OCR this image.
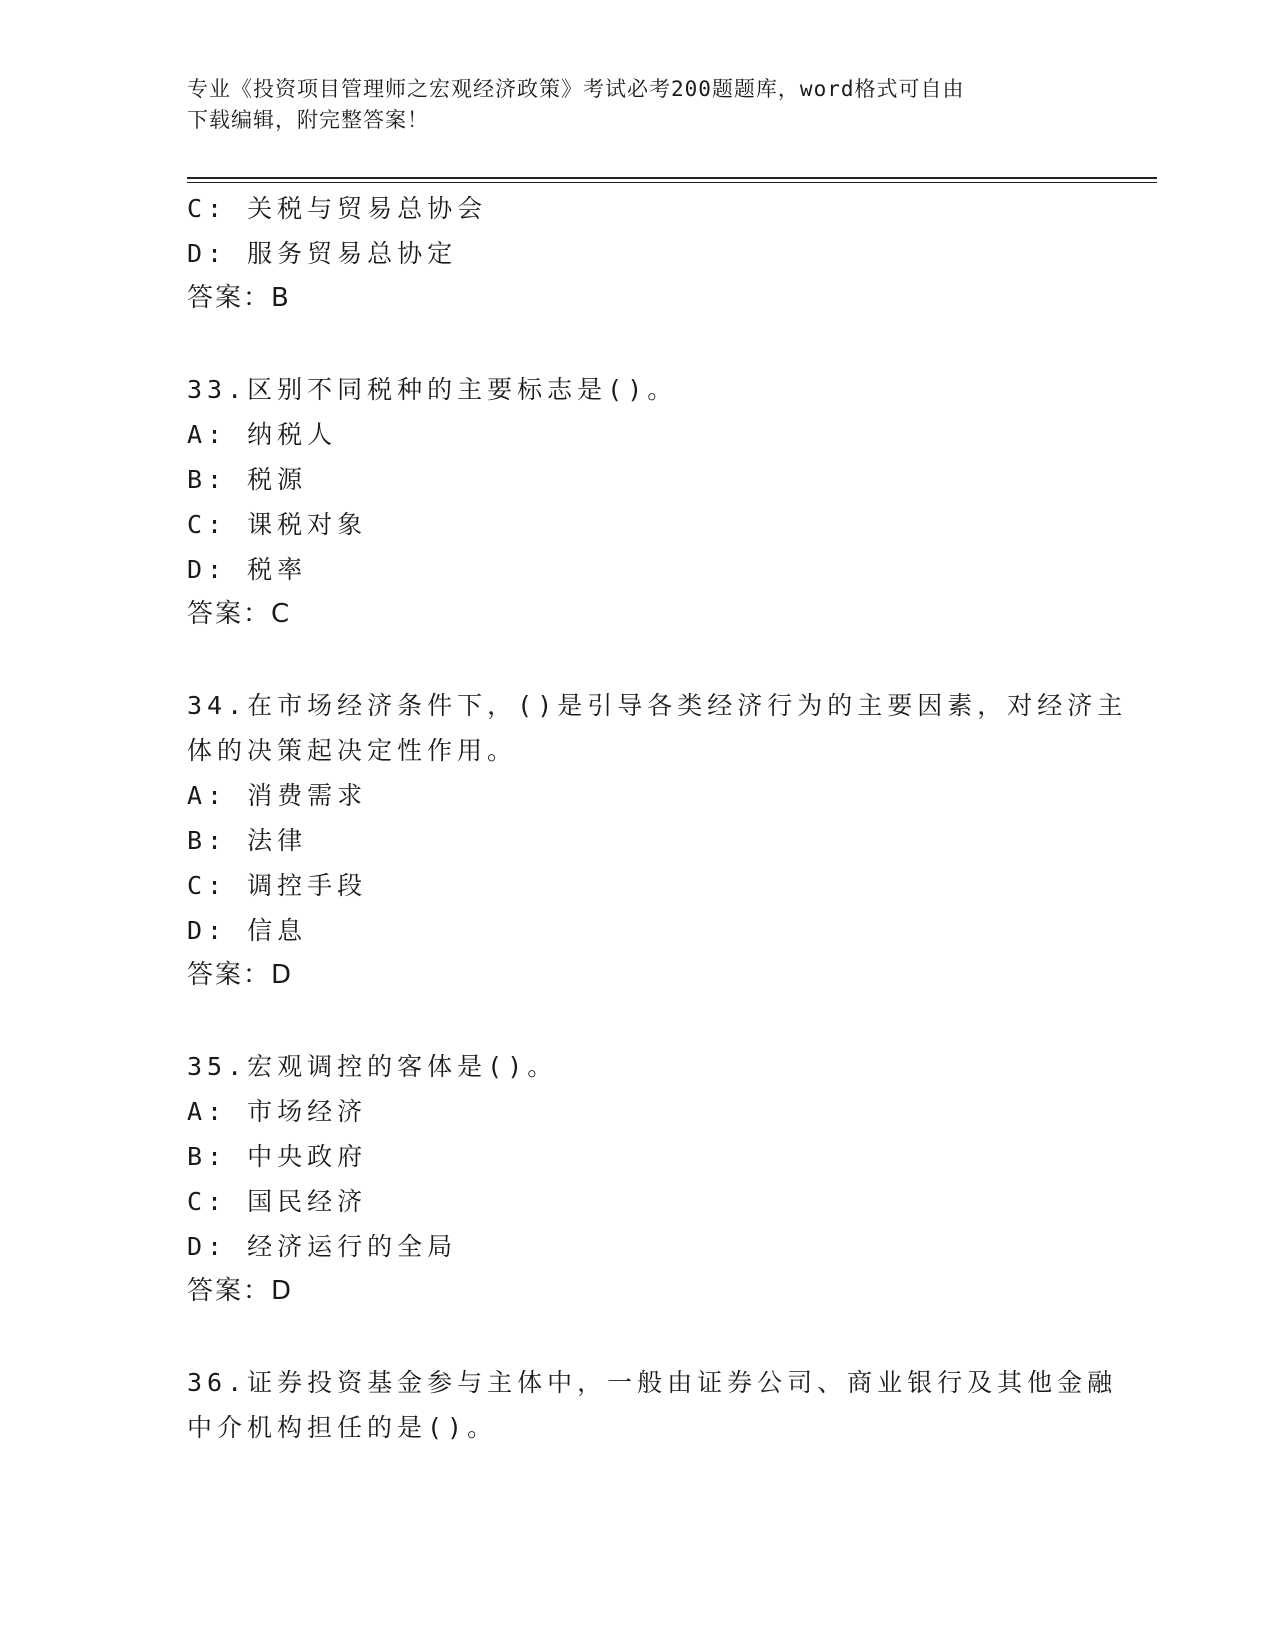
专业《投资项目管理师之宏观经济政策》考试必考200题题库，word格式可自由
下载编辑，附完整答案！
C: 关税与贸易总协会
D: 服务贸易总协定
答案：B
33.区别不同税种的主要标志是()。
A: 纳税人
B: 税源
C: 课税对象
D: 税率
答案：C
34.在市场经济条件下，()是引导各类经济行为的主要因素，对经济主
体的决策起决定性作用。
A: 消费需求
B: 法律
C: 调控手段
D: 信息
答案：D
35.宏观调控的客体是()。
A: 市场经济
B: 中央政府
C: 国民经济
D: 经济运行的全局
答案：D
36.证券投资基金参与主体中，一般由证券公司、商业银行及其他金融
中介机构担任的是()。
